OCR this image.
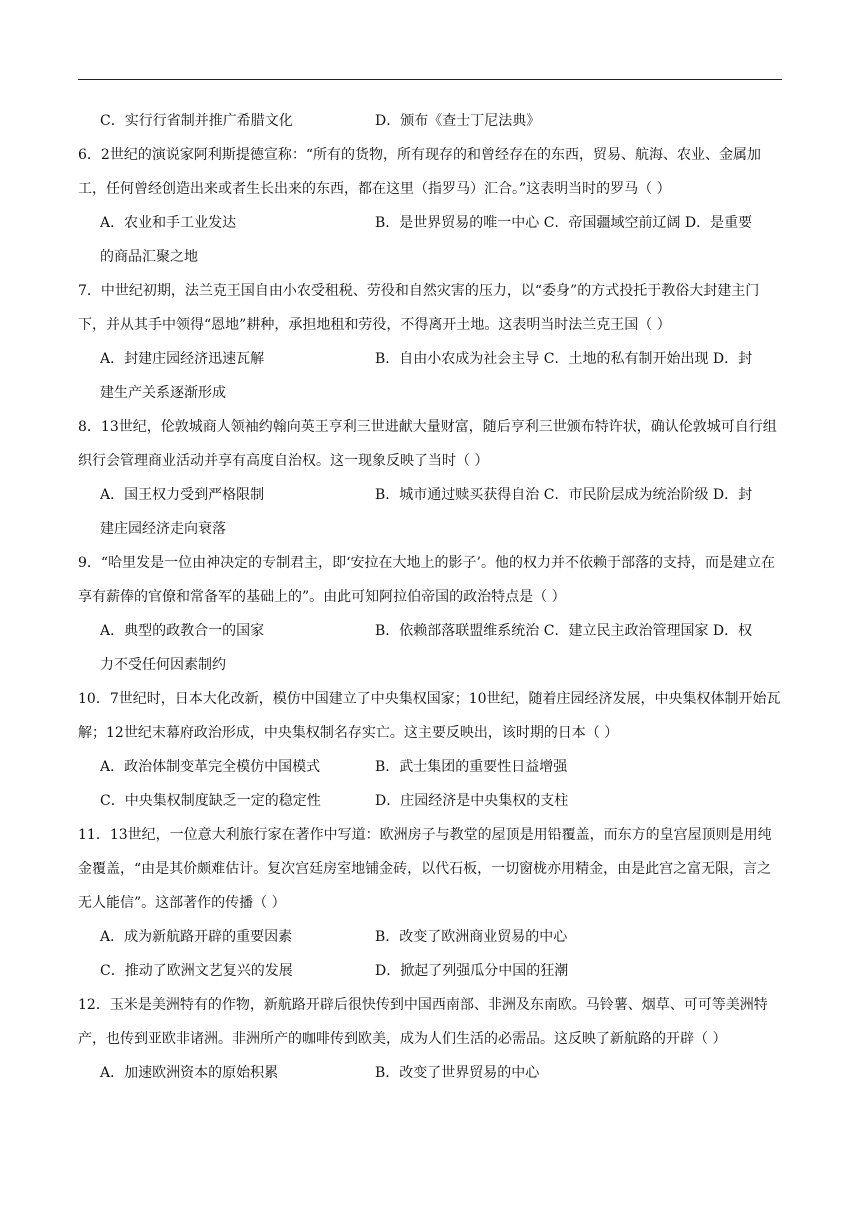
C．实行行省制并推广希腊文化	D．颁布《查士丁尼法典》

6．2世纪的演说家阿利斯提德宣称：“所有的货物，所有现存的和曾经存在的东西，贸易、航海、农业、金属加工，任何曾经创造出来或者生长出来的东西，都在这里（指罗马）汇合。”这表明当时的罗马（ ）

A．农业和手工业发达	B．是世界贸易的唯一中心 C．帝国疆域空前辽阔 D．是重要

的商品汇聚之地

7．中世纪初期，法兰克王国自由小农受租税、劳役和自然灾害的压力，以“委身”的方式投托于教俗大封建主门下，并从其手中领得“恩地”耕种，承担地租和劳役，不得离开土地。这表明当时法兰克王国（ ）

A．封建庄园经济迅速瓦解	B．自由小农成为社会主导 C．土地的私有制开始出现 D．封

建生产关系逐渐形成

8．13世纪，伦敦城商人领袖约翰向英王亨利三世进献大量财富，随后亨利三世颁布特许状，确认伦敦城可自行组织行会管理商业活动并享有高度自治权。这一现象反映了当时（ ）

A．国王权力受到严格限制	B．城市通过赎买获得自治 C．市民阶层成为统治阶级 D．封

建庄园经济走向衰落

9．“哈里发是一位由神决定的专制君主，即‘安拉在大地上的影子’。他的权力并不依赖于部落的支持，而是建立在享有薪俸的官僚和常备军的基础上的”。由此可知阿拉伯帝国的政治特点是（ ）

A．典型的政教合一的国家	B．依赖部落联盟维系统治 C．建立民主政治管理国家 D．权

力不受任何因素制约

10．7世纪时，日本大化改新，模仿中国建立了中央集权国家；10世纪，随着庄园经济发展，中央集权体制开始瓦解；12世纪末幕府政治形成，中央集权制名存实亡。这主要反映出，该时期的日本（ ）

A．政治体制变革完全模仿中国模式	B．武士集团的重要性日益增强
C．中央集权制度缺乏一定的稳定性	D．庄园经济是中央集权的支柱

11．13世纪，一位意大利旅行家在著作中写道：欧洲房子与教堂的屋顶是用铅覆盖，而东方的皇宫屋顶则是用纯金覆盖，“由是其价颇难估计。复次宫廷房室地铺金砖，以代石板，一切窗栊亦用精金，由是此宫之富无限，言之无人能信”。这部著作的传播（ ）

A．成为新航路开辟的重要因素	B．改变了欧洲商业贸易的中心
C．推动了欧洲文艺复兴的发展	D．掀起了列强瓜分中国的狂潮

12．玉米是美洲特有的作物，新航路开辟后很快传到中国西南部、非洲及东南欧。马铃薯、烟草、可可等美洲特产，也传到亚欧非诸洲。非洲所产的咖啡传到欧美，成为人们生活的必需品。这反映了新航路的开辟（ ）

A．加速欧洲资本的原始积累	B．改变了世界贸易的中心
